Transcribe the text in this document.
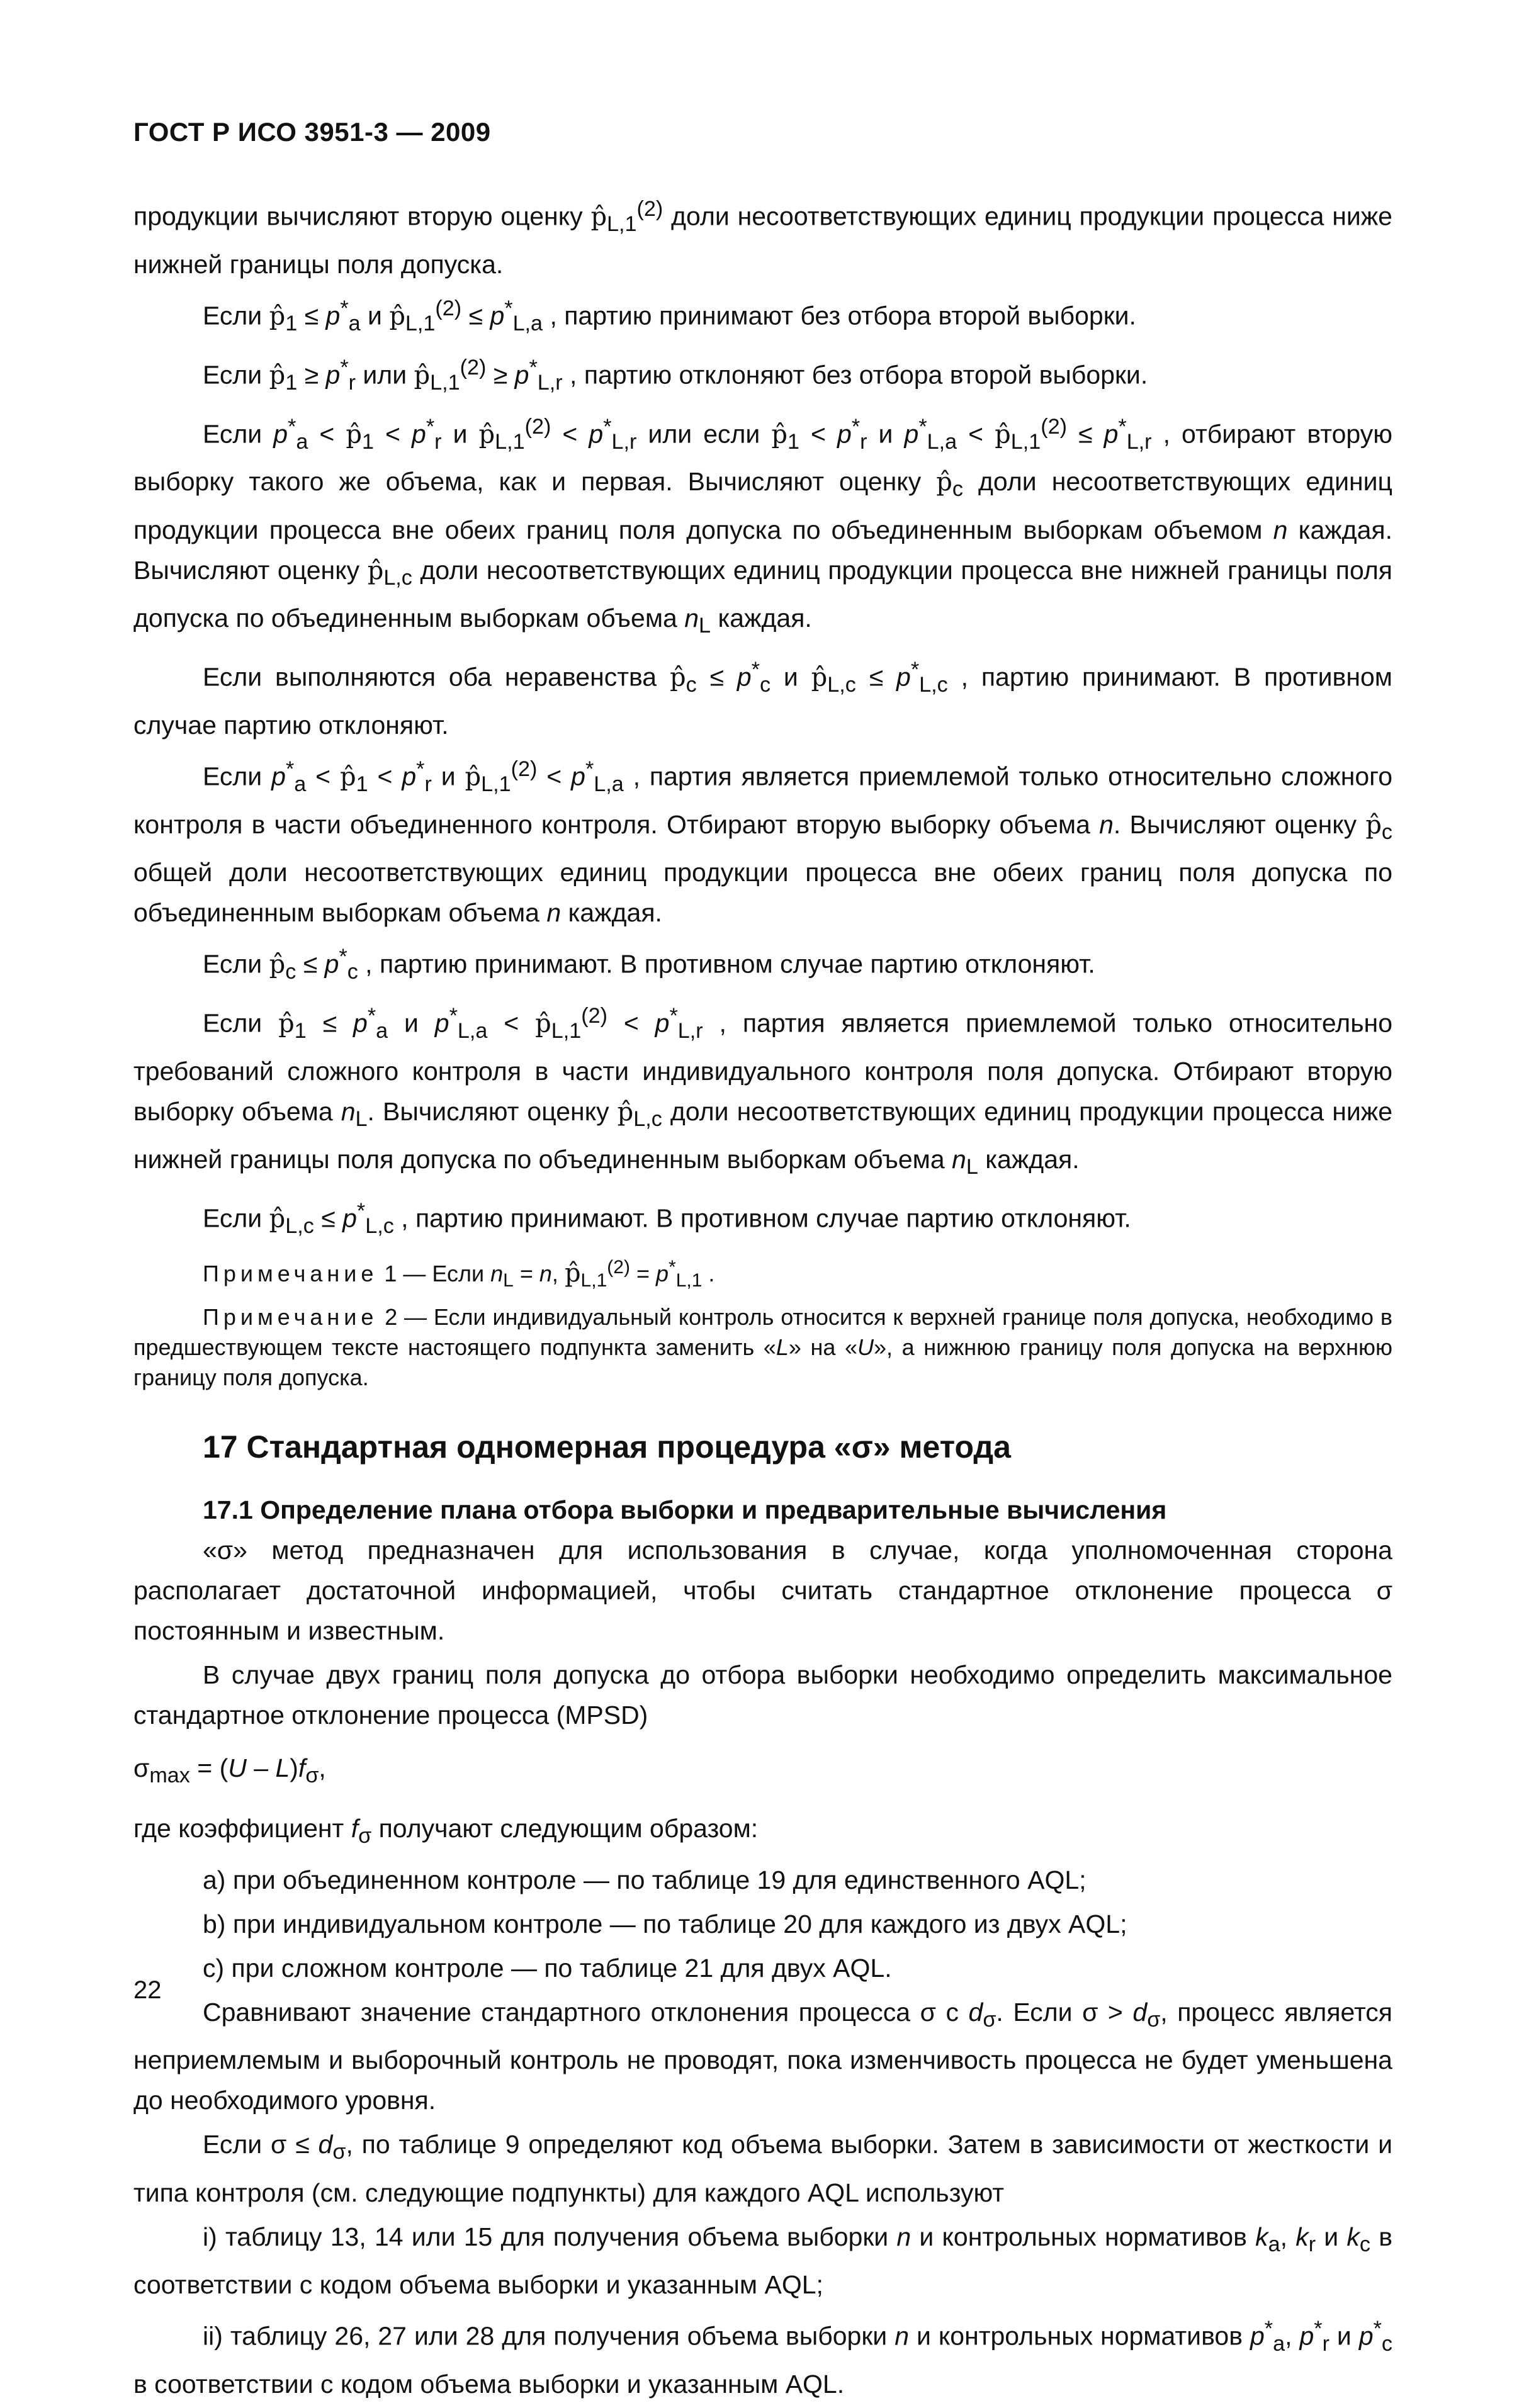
ГОСТ Р ИСО 3951-3 — 2009

продукции вычисляют вторую оценку $p̂_{L,1}^{(2)}$ доли несоответствующих единиц продукции процесса ниже нижней границы поля допуска.

Если $p̂_1 \le p^*_a$ и $p̂_{L,1}^{(2)} \le p^*_{L,a}$ , партию принимают без отбора второй выборки.

Если $p̂_1 \ge p^*_r$ или $p̂_{L,1}^{(2)} \ge p^*_{L,r}$ , партию отклоняют без отбора второй выборки.

Если $p^*_a$ < $p̂_1 < p^*_r$ и $p̂_{L,1}^{(2)} < p^*_{L,r}$ или если $p̂_1 < p^*_r$ и $p^*_{L,a}$ < $p̂_{L,1}^{(2)} \le p^*_{L,r}$ , отбирают вторую выборку такого же объема, как и первая. Вычисляют оценку $p̂_c$ доли несоответствующих единиц продукции процесса вне обеих границ поля допуска по объединенным выборкам объемом n каждая. Вычисляют оценку $p̂_{L,c}$ доли несоответствующих единиц продукции процесса вне нижней границы поля допуска по объединенным выборкам объема $n_L$ каждая.

Если выполняются оба неравенства $p̂_c \le p^*_c$ и $p̂_{L,c} \le p^*_{L,c}$ , партию принимают. В противном случае партию отклоняют.

Если $p^*_a$ < $p̂_1 < p^*_r$ и $p̂_{L,1}^{(2)} < p^*_{L,a}$ , партия является приемлемой только относительно сложного контроля в части объединенного контроля. Отбирают вторую выборку объема n. Вычисляют оценку $p̂_c$ общей доли несоответствующих единиц продукции процесса вне обеих границ поля допуска по объединенным выборкам объема n каждая.

Если $p̂_c \le p^*_c$ , партию принимают. В противном случае партию отклоняют.

Если $p̂_1 \le p^*_a$ и $p^*_{L,a}$ < $p̂_{L,1}^{(2)} < p^*_{L,r}$ , партия является приемлемой только относительно требований сложного контроля в части индивидуального контроля поля допуска. Отбирают вторую выборку объема $n_L$. Вычисляют оценку $p̂_{L,c}$ доли несоответствующих единиц продукции процесса ниже нижней границы поля допуска по объединенным выборкам объема $n_L$ каждая.

Если $p̂_{L,c} \le p^*_{L,c}$ , партию принимают. В противном случае партию отклоняют.

Примечание 1 — Если $n_L = n$, $p̂_{L,1}^{(2)} = p^*_{L,1}$ .

Примечание 2 — Если индивидуальный контроль относится к верхней границе поля допуска, необходимо в предшествующем тексте настоящего подпункта заменить «L» на «U», а нижнюю границу поля допуска на верхнюю границу поля допуска.

17 Стандартная одномерная процедура «σ» метода
17.1 Определение плана отбора выборки и предварительные вычисления

«σ» метод предназначен для использования в случае, когда уполномоченная сторона располагает достаточной информацией, чтобы считать стандартное отклонение процесса σ постоянным и известным.

В случае двух границ поля допуска до отбора выборки необходимо определить максимальное стандартное отклонение процесса (MPSD)

$\sigma_{max} = (U - L)f_\sigma$,

где коэффициент $f_\sigma$ получают следующим образом:

а) при объединенном контроле — по таблице 19 для единственного AQL;

b) при индивидуальном контроле — по таблице 20 для каждого из двух AQL;

с) при сложном контроле — по таблице 21 для двух AQL.

Сравнивают значение стандартного отклонения процесса σ с $d_\sigma$. Если $\sigma > d_\sigma$, процесс является неприемлемым и выборочный контроль не проводят, пока изменчивость процесса не будет уменьшена до необходимого уровня.

Если $\sigma \le d_\sigma$, по таблице 9 определяют код объема выборки. Затем в зависимости от жесткости и типа контроля (см. следующие подпункты) для каждого AQL используют

i) таблицу 13, 14 или 15 для получения объема выборки n и контрольных нормативов $k_a$, $k_r$ и $k_c$ в соответствии с кодом объема выборки и указанным AQL;

ii) таблицу 26, 27 или 28 для получения объема выборки n и контрольных нормативов $p^*_a$, $p^*_r$ и $p^*_c$ в соответствии с кодом объема выборки и указанным AQL.

22
